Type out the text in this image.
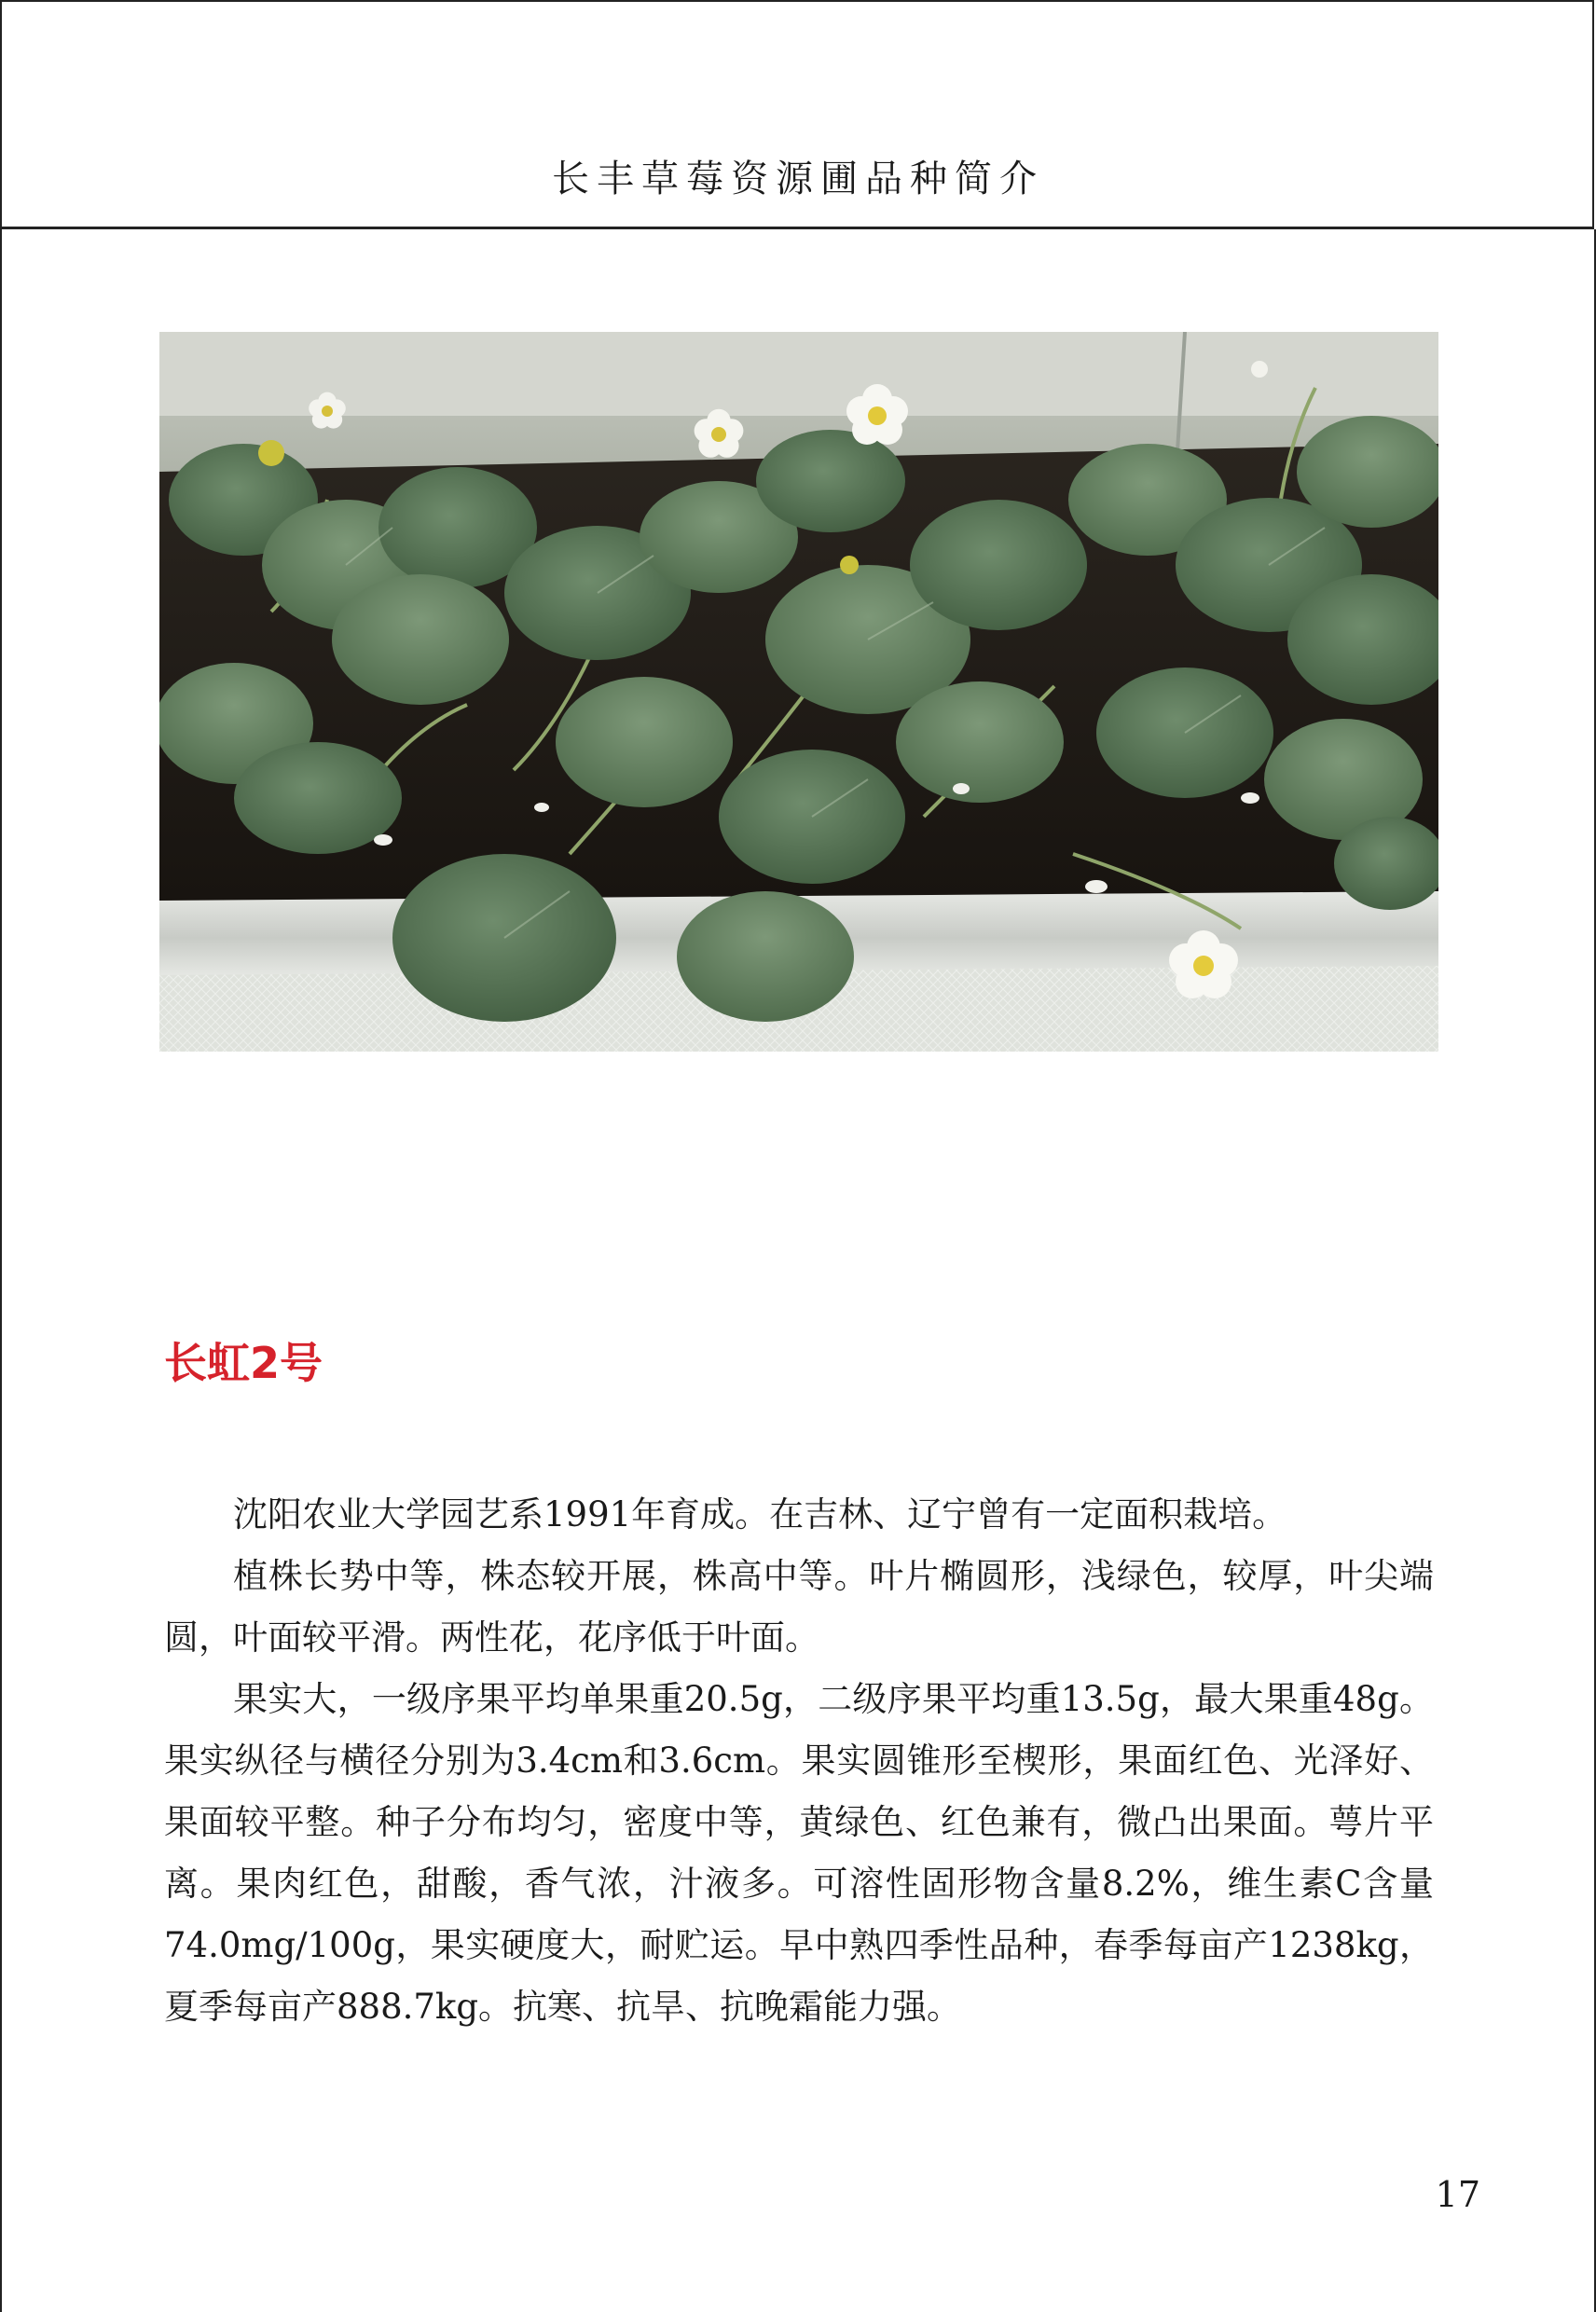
长丰草莓资源圃品种简介
长虹2号

沈阳农业大学园艺系1991年育成。在吉林、辽宁曾有一定面积栽培。

植株长势中等，株态较开展，株高中等。叶片椭圆形，浅绿色，较厚，叶尖端圆，叶面较平滑。两性花，花序低于叶面。

果实大，一级序果平均单果重20.5g，二级序果平均重13.5g，最大果重48g。果实纵径与横径分别为3.4cm和3.6cm。果实圆锥形至楔形，果面红色、光泽好、果面较平整。种子分布均匀，密度中等，黄绿色、红色兼有，微凸出果面。萼片平离。果肉红色，甜酸，香气浓，汁液多。可溶性固形物含量8.2%，维生素C含量74.0mg/100g，果实硬度大，耐贮运。早中熟四季性品种，春季每亩产1238kg，夏季每亩产888.7kg。抗寒、抗旱、抗晚霜能力强。

17
